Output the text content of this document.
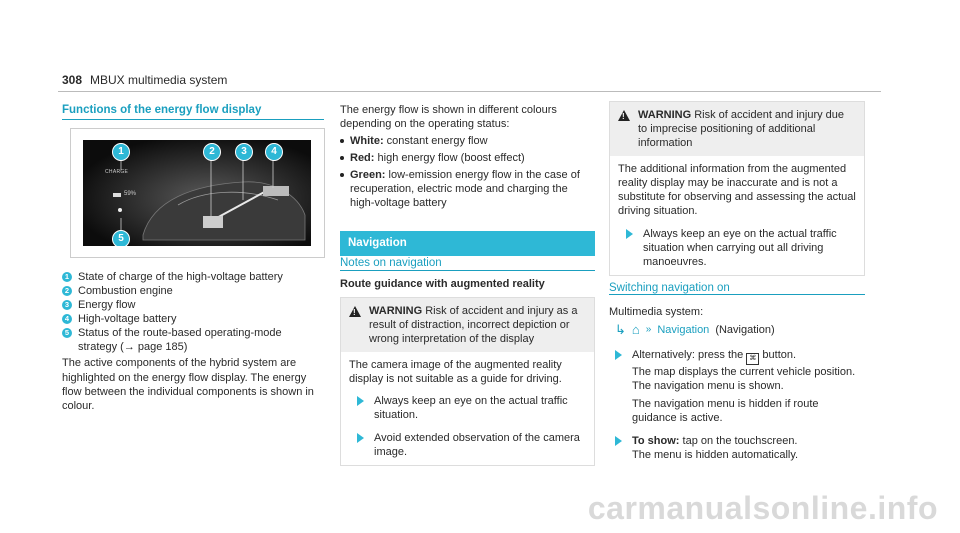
308 MBUX multimedia system
Functions of the energy flow display
CHARGE
59%
1	2	3	4
5
1 State of charge of the high-voltage battery
2 Combustion engine
3 Energy flow
4 High-voltage battery
5 Status of the route-based operating-mode strategy (→ page 185)
The active components of the hybrid system are highlighted on the energy flow display. The energy flow between the individual components is shown in colour.
The energy flow is shown in different colours depending on the operating status:
White: constant energy flow
Red: high energy flow (boost effect)
Green: low-emission energy flow in the case of recuperation, electric mode and charging the high-voltage battery
Navigation
Notes on navigation
Route guidance with augmented reality
! WARNING Risk of accident and injury as a result of distraction, incorrect depiction or wrong interpretation of the display
The camera image of the augmented reality display is not suitable as a guide for driving.
Always keep an eye on the actual traffic situation.
Avoid extended observation of the camera image.
! WARNING Risk of accident and injury due to imprecise positioning of additional information
The additional information from the augmented reality display may be inaccurate and is not a substitute for observing and assessing the actual driving situation.
Always keep an eye on the actual traffic situation when carrying out all driving manoeuvres.
Switching navigation on
Multimedia system:
↳ ⌂ » Navigation (Navigation)
Alternatively: press the ⌘ button.
The map displays the current vehicle position. The navigation menu is shown.
The navigation menu is hidden if route guidance is active.
To show: tap on the touchscreen.
The menu is hidden automatically.
carmanualsonline.info
